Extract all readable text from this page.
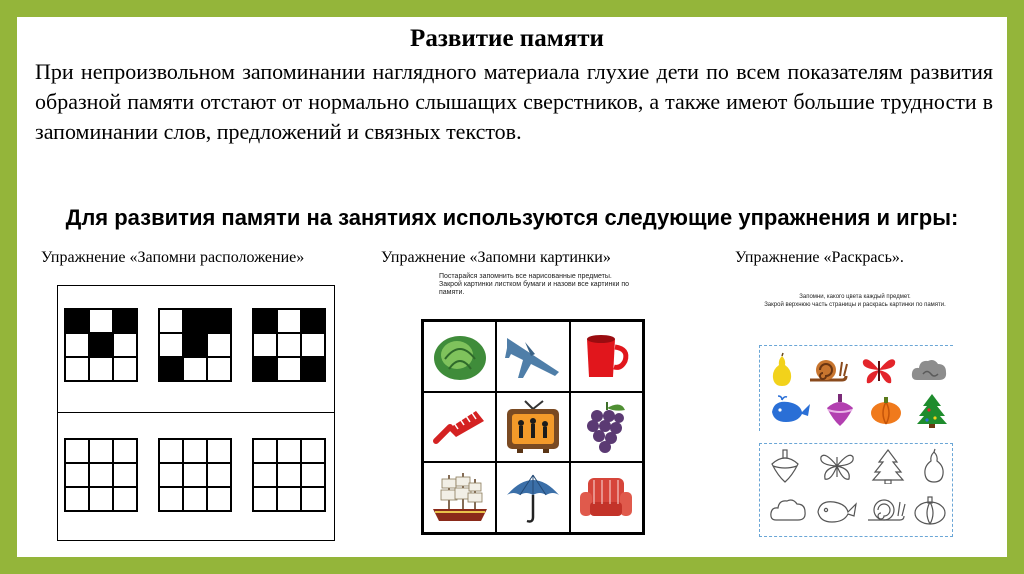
Развитие памяти
При непроизвольном запоминании наглядного материала глухие дети по всем показателям развития образной памяти отстают от нормально слышащих сверстников, а также имеют большие трудности в запоминании слов, предложений и связных текстов.
Для развития памяти на занятиях используются следующие упражнения и игры:
Упражнение «Запомни расположение»	Упражнение «Запомни картинки»	Упражнение «Раскрась».
Постарайся запомнить все нарисованные предметы.
Закрой картинки листком бумаги и назови все картинки по памяти.
Запомни, какого цвета каждый предмет.
Закрой верхнюю часть страницы и раскрась картинки по памяти.
